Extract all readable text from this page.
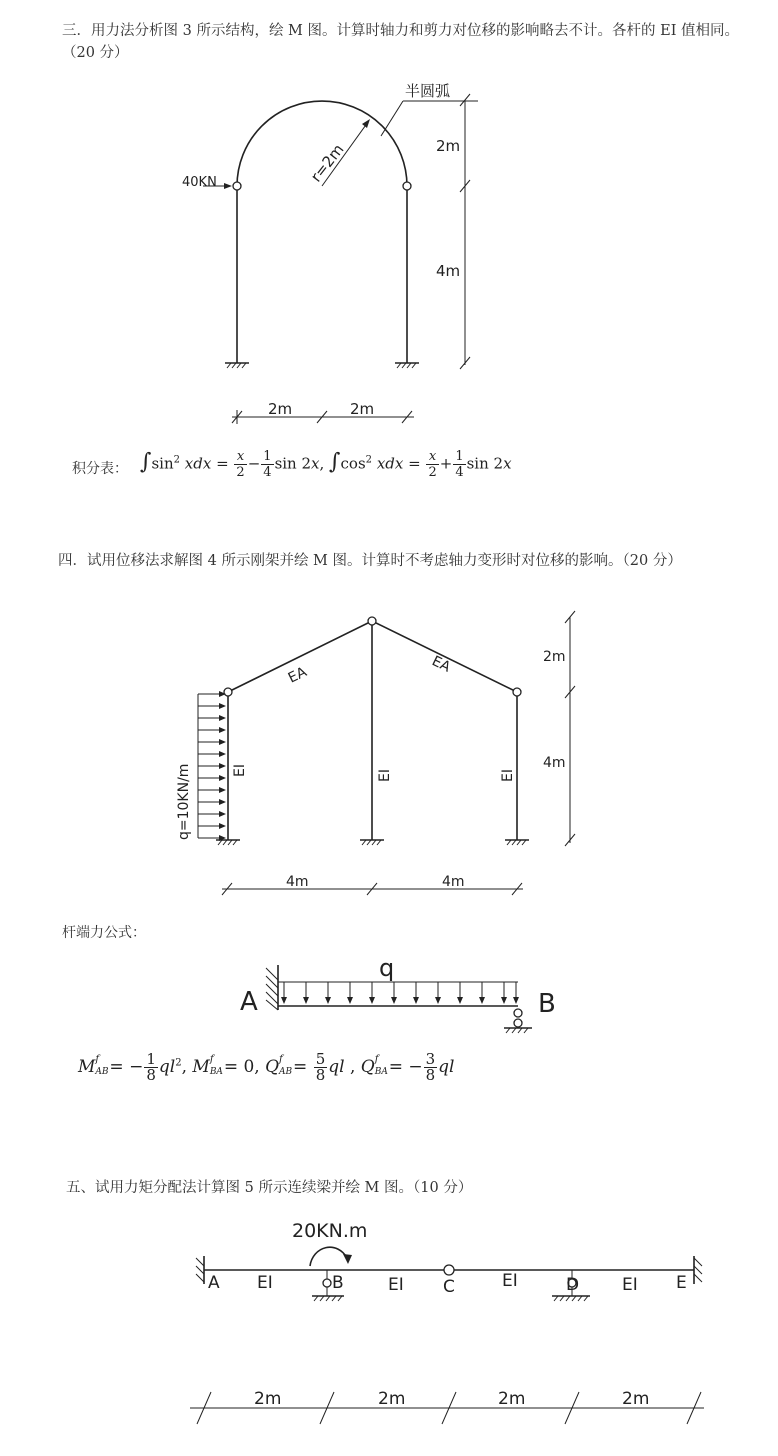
三．用力法分析图 3 所示结构，绘 M 图。计算时轴力和剪力对位移的影响略去不计。各杆的 EI 值相同。　（20 分）
40KN	r=2m
半圆弧
2m
4m
2m	2m
q=10KN/m
EA	EA
EI	EI	EI
2m
4m
4m	4m
A	B
q
20KN.m
A	B	C	D	E
EI	EI	EI	EI
2m	2m	2m	2m
积分表： $\int\sin^2$ xdx = $\frac{x}{2} - \frac{1}{4}$ sin 2x, $\int\cos^2$ xdx = $\frac{x}{2} + \frac{1}{4}$ sin 2x
四．试用位移法求解图 4 所示刚架并绘 M 图。计算时不考虑轴力变形时对位移的影响。（20 分）
杆端力公式：
M f
AB = − $\frac{1}{8} ql^2$, M f
BA = 0, Q f
AB = $\frac{5}{8}$ ql , Q f
BA = − $\frac{3}{8}$ ql
五、试用力矩分配法计算图 5 所示连续梁并绘 M 图。（10 分）
